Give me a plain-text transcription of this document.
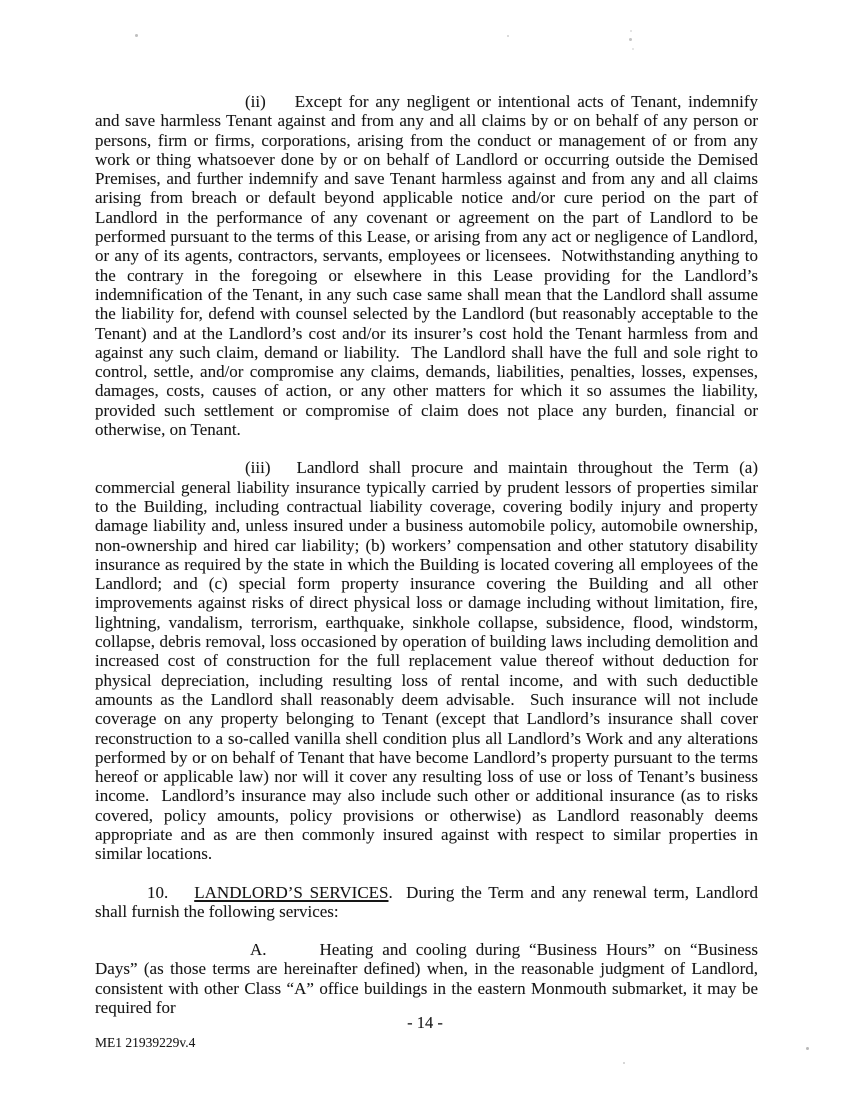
(ii) Except for any negligent or intentional acts of Tenant, indemnify and save harmless Tenant against and from any and all claims by or on behalf of any person or persons, firm or firms, corporations, arising from the conduct or management of or from any work or thing whatsoever done by or on behalf of Landlord or occurring outside the Demised Premises, and further indemnify and save Tenant harmless against and from any and all claims arising from breach or default beyond applicable notice and/or cure period on the part of Landlord in the performance of any covenant or agreement on the part of Landlord to be performed pursuant to the terms of this Lease, or arising from any act or negligence of Landlord, or any of its agents, contractors, servants, employees or licensees.  Notwithstanding anything to the contrary in the foregoing or elsewhere in this Lease providing for the Landlord’s indemnification of the Tenant, in any such case same shall mean that the Landlord shall assume the liability for, defend with counsel selected by the Landlord (but reasonably acceptable to the Tenant) and at the Landlord’s cost and/or its insurer’s cost hold the Tenant harmless from and against any such claim, demand or liability.  The Landlord shall have the full and sole right to control, settle, and/or compromise any claims, demands, liabilities, penalties, losses, expenses, damages, costs, causes of action, or any other matters for which it so assumes the liability, provided such settlement or compromise of claim does not place any burden, financial or otherwise, on Tenant.

(iii) Landlord shall procure and maintain throughout the Term (a) commercial general liability insurance typically carried by prudent lessors of properties similar to the Building, including contractual liability coverage, covering bodily injury and property damage liability and, unless insured under a business automobile policy, automobile ownership, non-ownership and hired car liability; (b) workers’ compensation and other statutory disability insurance as required by the state in which the Building is located covering all employees of the Landlord; and (c) special form property insurance covering the Building and all other improvements against risks of direct physical loss or damage including without limitation, fire, lightning, vandalism, terrorism, earthquake, sinkhole collapse, subsidence, flood, windstorm, collapse, debris removal, loss occasioned by operation of building laws including demolition and increased cost of construction for the full replacement value thereof without deduction for physical depreciation, including resulting loss of rental income, and with such deductible amounts as the Landlord shall reasonably deem advisable.  Such insurance will not include coverage on any property belonging to Tenant (except that Landlord’s insurance shall cover reconstruction to a so-called vanilla shell condition plus all Landlord’s Work and any alterations performed by or on behalf of Tenant that have become Landlord’s property pursuant to the terms hereof or applicable law) nor will it cover any resulting loss of use or loss of Tenant’s business income.  Landlord’s insurance may also include such other or additional insurance (as to risks covered, policy amounts, policy provisions or otherwise) as Landlord reasonably deems appropriate and as are then commonly insured against with respect to similar properties in similar locations.

10. LANDLORD’S SERVICES.  During the Term and any renewal term, Landlord shall furnish the following services:

A.	Heating and cooling during “Business Hours” on “Business Days” (as those terms are hereinafter defined) when, in the reasonable judgment of Landlord, consistent with other Class “A” office buildings in the eastern Monmouth submarket, it may be required for

- 14 -
ME1 21939229v.4
